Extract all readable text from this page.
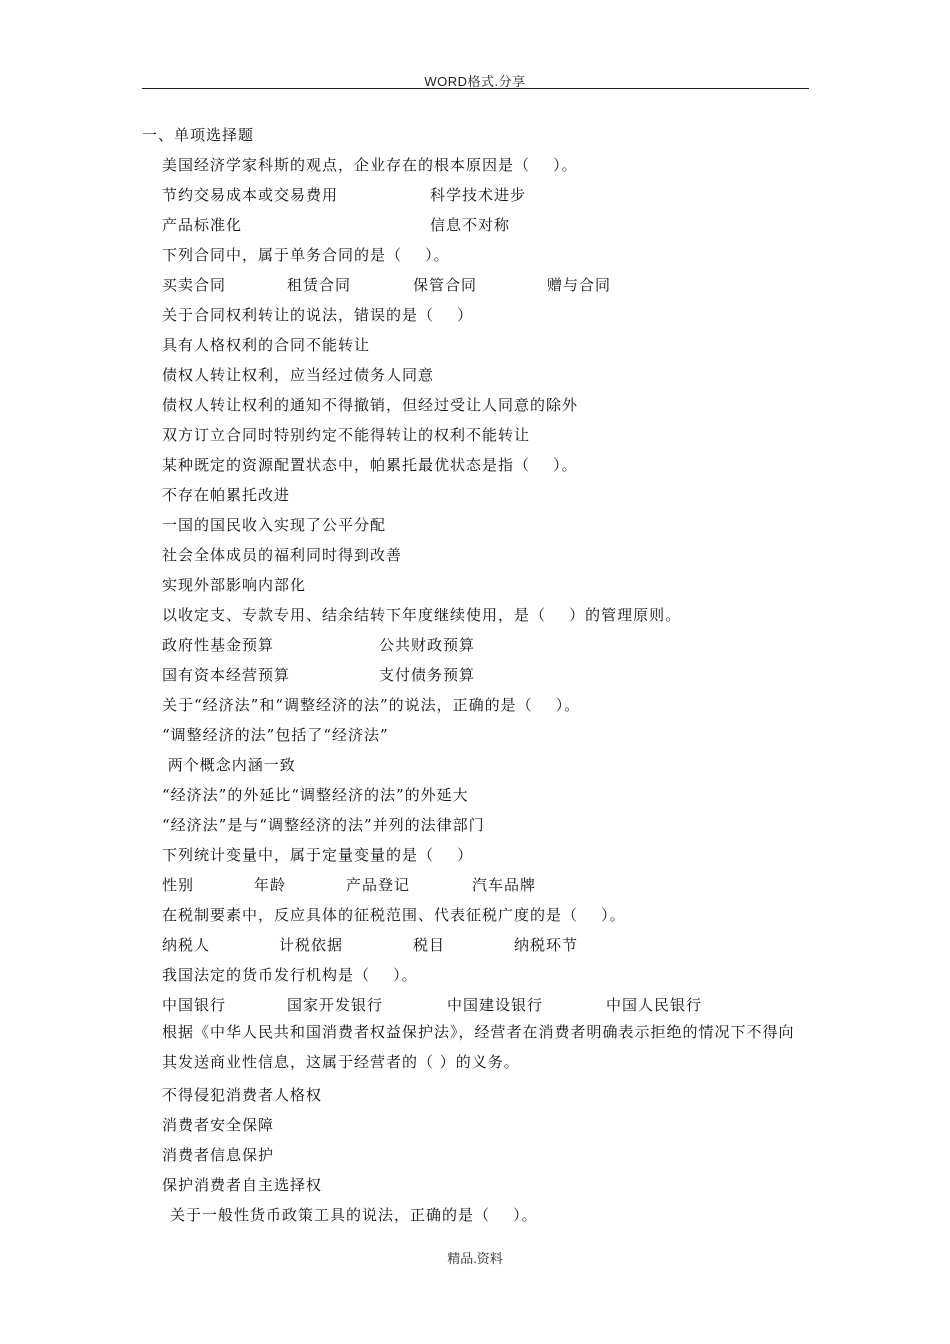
WORD格式.分享
一、单项选择题
美国经济学家科斯的观点，企业存在的根本原因是（    ）。
节约交易成本或交易费用	科学技术进步
产品标准化	信息不对称
下列合同中，属于单务合同的是（    ）。
买卖合同	租赁合同	保管合同	赠与合同
关于合同权利转让的说法，错误的是（    ）
具有人格权利的合同不能转让
债权人转让权利，应当经过债务人同意
债权人转让权利的通知不得撤销，但经过受让人同意的除外
双方订立合同时特别约定不能得转让的权利不能转让
某种既定的资源配置状态中，帕累托最优状态是指（    ）。
不存在帕累托改进
一国的国民收入实现了公平分配
社会全体成员的福利同时得到改善
实现外部影响内部化
以收定支、专款专用、结余结转下年度继续使用，是（    ）的管理原则。
政府性基金预算	公共财政预算
国有资本经营预算	支付债务预算
关于“经济法”和“调整经济的法”的说法，正确的是（    ）。
“调整经济的法”包括了“经济法”
两个概念内涵一致
“经济法”的外延比“调整经济的法”的外延大
“经济法”是与“调整经济的法”并列的法律部门
下列统计变量中，属于定量变量的是（    ）
性别	年龄	产品登记	汽车品牌
在税制要素中，反应具体的征税范围、代表征税广度的是（    ）。
纳税人	计税依据	税目	纳税环节
我国法定的货币发行机构是（    ）。
中国银行	国家开发银行	中国建设银行	中国人民银行
根据《中华人民共和国消费者权益保护法》，经营者在消费者明确表示拒绝的情况下不得向其发送商业性信息，这属于经营者的（ ）的义务。
不得侵犯消费者人格权
消费者安全保障
消费者信息保护
保护消费者自主选择权
关于一般性货币政策工具的说法，正确的是（    ）。
精品.资料
